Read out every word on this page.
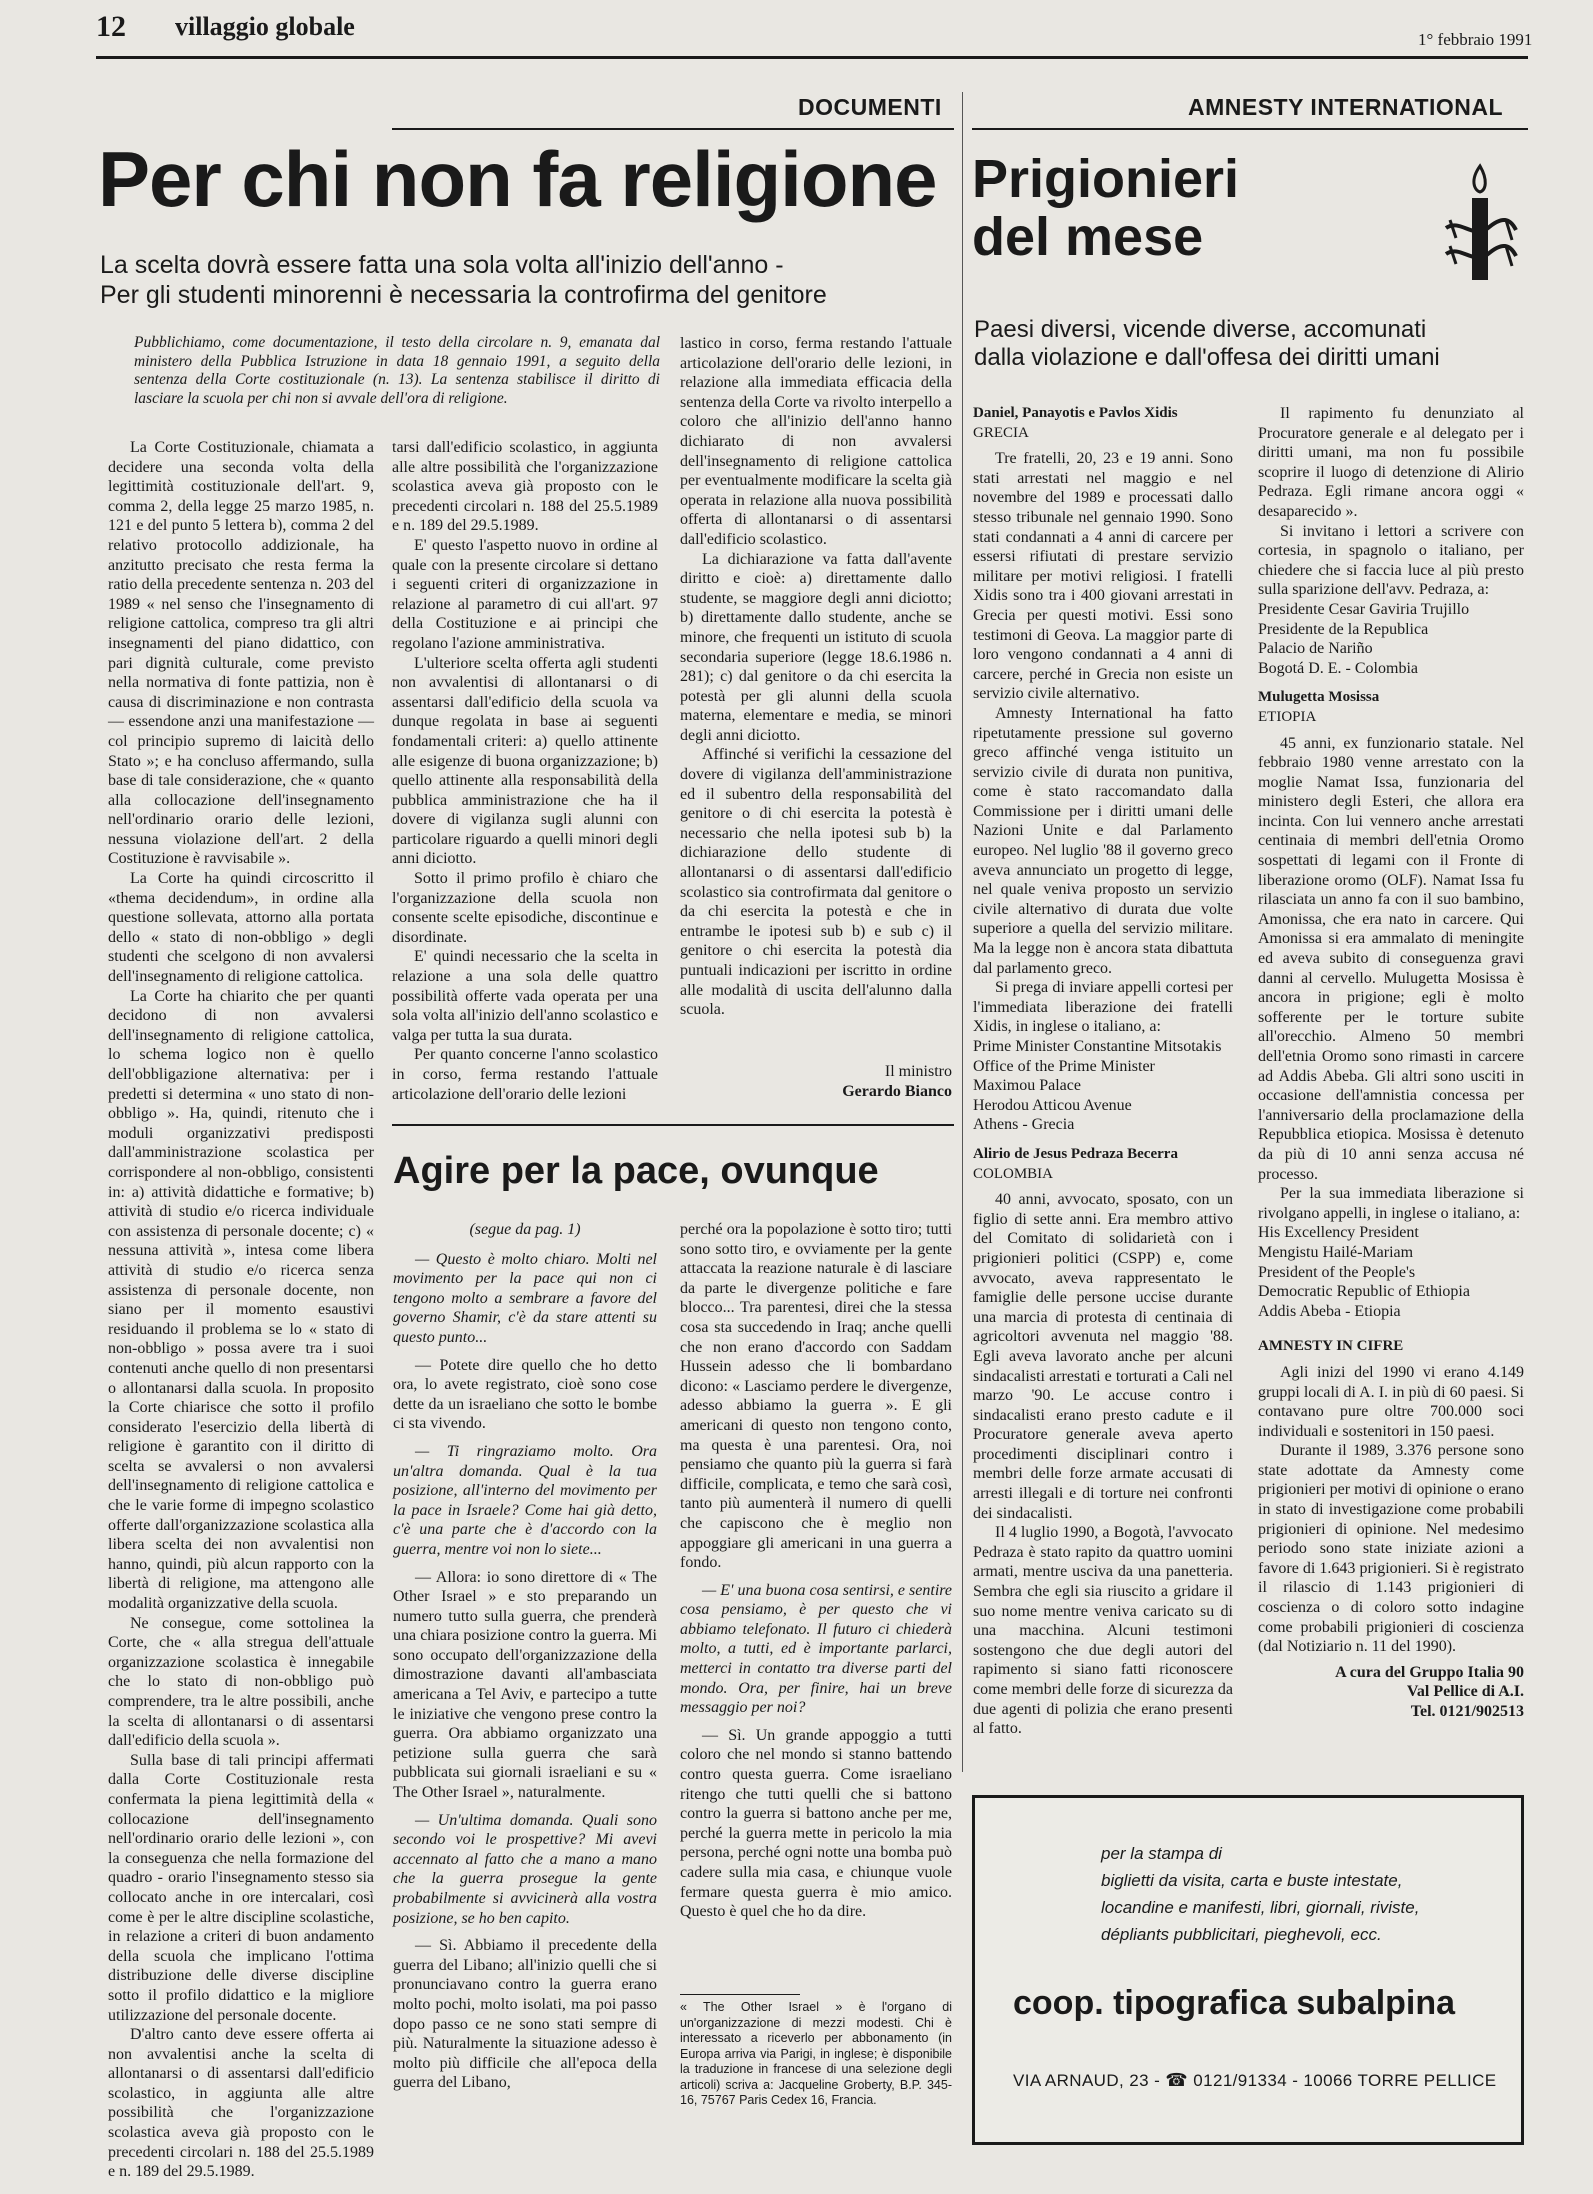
12 villaggio globale	1° febbraio 1991
DOCUMENTI	AMNESTY INTERNATIONAL
Per chi non fa religione
La scelta dovrà essere fatta una sola volta all'inizio dell'anno -
Per gli studenti minorenni è necessaria la controfirma del genitore
Pubblichiamo, come documentazione, il testo della circolare n. 9, emanata dal ministero della Pubblica Istruzione in data 18 gennaio 1991, a seguito della sentenza della Corte costituzionale (n. 13). La sentenza stabilisce il diritto di lasciare la scuola per chi non si avvale dell'ora di religione.

La Corte Costituzionale, chiamata a decidere una seconda volta della legittimità costituzionale dell'art. 9, comma 2, della legge 25 marzo 1985, n. 121 e del punto 5 lettera b), comma 2 del relativo protocollo addizionale, ha anzitutto precisato che resta ferma la ratio della precedente sentenza n. 203 del 1989 « nel senso che l'insegnamento di religione cattolica, compreso tra gli altri insegnamenti del piano didattico, con pari dignità culturale, come previsto nella normativa di fonte pattizia, non è causa di discriminazione e non contrasta — essendone anzi una manifestazione — col principio supremo di laicità dello Stato »; e ha concluso affermando, sulla base di tale considerazione, che « quanto alla collocazione dell'insegnamento nell'ordinario orario delle lezioni, nessuna violazione dell'art. 2 della Costituzione è ravvisabile ».

La Corte ha quindi circoscritto il «thema decidendum», in ordine alla questione sollevata, attorno alla portata dello « stato di non-obbligo » degli studenti che scelgono di non avvalersi dell'insegnamento di religione cattolica.

La Corte ha chiarito che per quanti decidono di non avvalersi dell'insegnamento di religione cattolica, lo schema logico non è quello dell'obbligazione alternativa: per i predetti si determina « uno stato di non-obbligo ». Ha, quindi, ritenuto che i moduli organizzativi predisposti dall'amministrazione scolastica per corrispondere al non-obbligo, consistenti in: a) attività didattiche e formative; b) attività di studio e/o ricerca individuale con assistenza di personale docente; c) « nessuna attività », intesa come libera attività di studio e/o ricerca senza assistenza di personale docente, non siano per il momento esaustivi residuando il problema se lo « stato di non-obbligo » possa avere tra i suoi contenuti anche quello di non presentarsi o allontanarsi dalla scuola. In proposito la Corte chiarisce che sotto il profilo considerato l'esercizio della libertà di religione è garantito con il diritto di scelta se avvalersi o non avvalersi dell'insegnamento di religione cattolica e che le varie forme di impegno scolastico offerte dall'organizzazione scolastica alla libera scelta dei non avvalentisi non hanno, quindi, più alcun rapporto con la libertà di religione, ma attengono alle modalità organizzative della scuola.

Ne consegue, come sottolinea la Corte, che « alla stregua dell'attuale organizzazione scolastica è innegabile che lo stato di non-obbligo può comprendere, tra le altre possibili, anche la scelta di allontanarsi o di assentarsi dall'edificio della scuola ».

Sulla base di tali principi affermati dalla Corte Costituzionale resta confermata la piena legittimità della « collocazione dell'insegnamento nell'ordinario orario delle lezioni », con la conseguenza che nella formazione del quadro - orario l'insegnamento stesso sia collocato anche in ore intercalari, così come è per le altre discipline scolastiche, in relazione a criteri di buon andamento della scuola che implicano l'ottima distribuzione delle diverse discipline sotto il profilo didattico e la migliore utilizzazione del personale docente.

D'altro canto deve essere offerta ai non avvalentisi anche la scelta di allontanarsi o di assentarsi dall'edificio scolastico, in aggiunta alle altre possibilità che l'organizzazione scolastica aveva già proposto con le precedenti circolari n. 188 del 25.5.1989 e n. 189 del 29.5.1989.

tarsi dall'edificio scolastico, in aggiunta alle altre possibilità che l'organizzazione scolastica aveva già proposto con le precedenti circolari n. 188 del 25.5.1989 e n. 189 del 29.5.1989.

E' questo l'aspetto nuovo in ordine al quale con la presente circolare si dettano i seguenti criteri di organizzazione in relazione al parametro di cui all'art. 97 della Costituzione e ai principi che regolano l'azione amministrativa.

L'ulteriore scelta offerta agli studenti non avvalentisi di allontanarsi o di assentarsi dall'edificio della scuola va dunque regolata in base ai seguenti fondamentali criteri: a) quello attinente alle esigenze di buona organizzazione; b) quello attinente alla responsabilità della pubblica amministrazione che ha il dovere di vigilanza sugli alunni con particolare riguardo a quelli minori degli anni diciotto.

Sotto il primo profilo è chiaro che l'organizzazione della scuola non consente scelte episodiche, discontinue e disordinate.

E' quindi necessario che la scelta in relazione a una sola delle quattro possibilità offerte vada operata per una sola volta all'inizio dell'anno scolastico e valga per tutta la sua durata.

Per quanto concerne l'anno scolastico in corso, ferma restando l'attuale articolazione dell'orario delle lezioni

lastico in corso, ferma restando l'attuale articolazione dell'orario delle lezioni, in relazione alla immediata efficacia della sentenza della Corte va rivolto interpello a coloro che all'inizio dell'anno hanno dichiarato di non avvalersi dell'insegnamento di religione cattolica per eventualmente modificare la scelta già operata in relazione alla nuova possibilità offerta di allontanarsi o di assentarsi dall'edificio scolastico.

La dichiarazione va fatta dall'avente diritto e cioè: a) direttamente dallo studente, se maggiore degli anni diciotto; b) direttamente dallo studente, anche se minore, che frequenti un istituto di scuola secondaria superiore (legge 18.6.1986 n. 281); c) dal genitore o da chi esercita la potestà per gli alunni della scuola materna, elementare e media, se minori degli anni diciotto.

Affinché si verifichi la cessazione del dovere di vigilanza dell'amministrazione ed il subentro della responsabilità del genitore o di chi esercita la potestà è necessario che nella ipotesi sub b) la dichiarazione dello studente di allontanarsi o di assentarsi dall'edificio scolastico sia controfirmata dal genitore o da chi esercita la potestà e che in entrambe le ipotesi sub b) e sub c) il genitore o chi esercita la potestà dia puntuali indicazioni per iscritto in ordine alle modalità di uscita dell'alunno dalla scuola.

Il ministro
Gerardo Bianco
Agire per la pace, ovunque

(segue da pag. 1)

— Questo è molto chiaro. Molti nel movimento per la pace qui non ci tengono molto a sembrare a favore del governo Shamir, c'è da stare attenti su questo punto...

— Potete dire quello che ho detto ora, lo avete registrato, cioè sono cose dette da un israeliano che sotto le bombe ci sta vivendo.

— Ti ringraziamo molto. Ora un'altra domanda. Qual è la tua posizione, all'interno del movimento per la pace in Israele? Come hai già detto, c'è una parte che è d'accordo con la guerra, mentre voi non lo siete...

— Allora: io sono direttore di « The Other Israel » e sto preparando un numero tutto sulla guerra, che prenderà una chiara posizione contro la guerra. Mi sono occupato dell'organizzazione della dimostrazione davanti all'ambasciata americana a Tel Aviv, e partecipo a tutte le iniziative che vengono prese contro la guerra. Ora abbiamo organizzato una petizione sulla guerra che sarà pubblicata sui giornali israeliani e su « The Other Israel », naturalmente.

— Un'ultima domanda. Quali sono secondo voi le prospettive? Mi avevi accennato al fatto che a mano a mano che la guerra prosegue la gente probabilmente si avvicinerà alla vostra posizione, se ho ben capito.

— Sì. Abbiamo il precedente della guerra del Libano; all'inizio quelli che si pronunciavano contro la guerra erano molto pochi, molto isolati, ma poi passo dopo passo ce ne sono stati sempre di più. Naturalmente la situazione adesso è molto più difficile che all'epoca della guerra del Libano,

perché ora la popolazione è sotto tiro; tutti sono sotto tiro, e ovviamente per la gente attaccata la reazione naturale è di lasciare da parte le divergenze politiche e fare blocco... Tra parentesi, direi che la stessa cosa sta succedendo in Iraq; anche quelli che non erano d'accordo con Saddam Hussein adesso che li bombardano dicono: « Lasciamo perdere le divergenze, adesso abbiamo la guerra ». E gli americani di questo non tengono conto, ma questa è una parentesi. Ora, noi pensiamo che quanto più la guerra si farà difficile, complicata, e temo che sarà così, tanto più aumenterà il numero di quelli che capiscono che è meglio non appoggiare gli americani in una guerra a fondo.

— E' una buona cosa sentirsi, e sentire cosa pensiamo, è per questo che vi abbiamo telefonato. Il futuro ci chiederà molto, a tutti, ed è importante parlarci, metterci in contatto tra diverse parti del mondo. Ora, per finire, hai un breve messaggio per noi?

— Sì. Un grande appoggio a tutti coloro che nel mondo si stanno battendo contro questa guerra. Come israeliano ritengo che tutti quelli che si battono contro la guerra si battono anche per me, perché la guerra mette in pericolo la mia persona, perché ogni notte una bomba può cadere sulla mia casa, e chiunque vuole fermare questa guerra è mio amico. Questo è quel che ho da dire.

« The Other Israel » è l'organo di un'organizzazione di mezzi modesti. Chi è interessato a riceverlo per abbonamento (in Europa arriva via Parigi, in inglese; è disponibile la traduzione in francese di una selezione degli articoli) scriva a: Jacqueline Groberty, B.P. 345-16, 75767 Paris Cedex 16, Francia.
Prigionieri
del mese
Paesi diversi, vicende diverse, accomunati
dalla violazione e dall'offesa dei diritti umani

Daniel, Panayotis e Pavlos Xidis

GRECIA

Tre fratelli, 20, 23 e 19 anni. Sono stati arrestati nel maggio e nel novembre del 1989 e processati dallo stesso tribunale nel gennaio 1990. Sono stati condannati a 4 anni di carcere per essersi rifiutati di prestare servizio militare per motivi religiosi. I fratelli Xidis sono tra i 400 giovani arrestati in Grecia per questi motivi. Essi sono testimoni di Geova. La maggior parte di loro vengono condannati a 4 anni di carcere, perché in Grecia non esiste un servizio civile alternativo.

Amnesty International ha fatto ripetutamente pressione sul governo greco affinché venga istituito un servizio civile di durata non punitiva, come è stato raccomandato dalla Commissione per i diritti umani delle Nazioni Unite e dal Parlamento europeo. Nel luglio '88 il governo greco aveva annunciato un progetto di legge, nel quale veniva proposto un servizio civile alternativo di durata due volte superiore a quella del servizio militare. Ma la legge non è ancora stata dibattuta dal parlamento greco.

Si prega di inviare appelli cortesi per l'immediata liberazione dei fratelli Xidis, in inglese o italiano, a:

Prime Minister Constantine Mitsotakis

Office of the Prime Minister

Maximou Palace

Herodou Atticou Avenue

Athens - Grecia

Alirio de Jesus Pedraza Becerra

COLOMBIA

40 anni, avvocato, sposato, con un figlio di sette anni. Era membro attivo del Comitato di solidarietà con i prigionieri politici (CSPP) e, come avvocato, aveva rappresentato le famiglie delle persone uccise durante una marcia di protesta di centinaia di agricoltori avvenuta nel maggio '88. Egli aveva lavorato anche per alcuni sindacalisti arrestati e torturati a Cali nel marzo '90. Le accuse contro i sindacalisti erano presto cadute e il Procuratore generale aveva aperto procedimenti disciplinari contro i membri delle forze armate accusati di arresti illegali e di torture nei confronti dei sindacalisti.

Il 4 luglio 1990, a Bogotà, l'avvocato Pedraza è stato rapito da quattro uomini armati, mentre usciva da una panetteria. Sembra che egli sia riuscito a gridare il suo nome mentre veniva caricato su di una macchina. Alcuni testimoni sostengono che due degli autori del rapimento si siano fatti riconoscere come membri delle forze di sicurezza da due agenti di polizia che erano presenti al fatto.

Il rapimento fu denunziato al Procuratore generale e al delegato per i diritti umani, ma non fu possibile scoprire il luogo di detenzione di Alirio Pedraza. Egli rimane ancora oggi « desaparecido ».

Si invitano i lettori a scrivere con cortesia, in spagnolo o italiano, per chiedere che si faccia luce al più presto sulla sparizione dell'avv. Pedraza, a:

Presidente Cesar Gaviria Trujillo

Presidente de la Republica

Palacio de Nariño

Bogotá D. E. - Colombia

Mulugetta Mosissa

ETIOPIA

45 anni, ex funzionario statale. Nel febbraio 1980 venne arrestato con la moglie Namat Issa, funzionaria del ministero degli Esteri, che allora era incinta. Con lui vennero anche arrestati centinaia di membri dell'etnia Oromo sospettati di legami con il Fronte di liberazione oromo (OLF). Namat Issa fu rilasciata un anno fa con il suo bambino, Amonissa, che era nato in carcere. Qui Amonissa si era ammalato di meningite ed aveva subito di conseguenza gravi danni al cervello. Mulugetta Mosissa è ancora in prigione; egli è molto sofferente per le torture subite all'orecchio. Almeno 50 membri dell'etnia Oromo sono rimasti in carcere ad Addis Abeba. Gli altri sono usciti in occasione dell'amnistia concessa per l'anniversario della proclamazione della Repubblica etiopica. Mosissa è detenuto da più di 10 anni senza accusa né processo.

Per la sua immediata liberazione si rivolgano appelli, in inglese o italiano, a:

His Excellency President

Mengistu Hailé-Mariam

President of the People's

Democratic Republic of Ethiopia

Addis Abeba - Etiopia

AMNESTY IN CIFRE

Agli inizi del 1990 vi erano 4.149 gruppi locali di A. I. in più di 60 paesi. Si contavano pure oltre 700.000 soci individuali e sostenitori in 150 paesi.

Durante il 1989, 3.376 persone sono state adottate da Amnesty come prigionieri per motivi di opinione o erano in stato di investigazione come probabili prigionieri di opinione. Nel medesimo periodo sono state iniziate azioni a favore di 1.643 prigionieri. Si è registrato il rilascio di 1.143 prigionieri di coscienza o di coloro sotto indagine come probabili prigionieri di coscienza (dal Notiziario n. 11 del 1990).

A cura del Gruppo Italia 90

Val Pellice di A.I.

Tel. 0121/902513

per la stampa di
biglietti da visita, carta e buste intestate,
locandine e manifesti, libri, giornali, riviste,
dépliants pubblicitari, pieghevoli, ecc.
coop. tipografica subalpina
VIA ARNAUD, 23 - ☎ 0121/91334 - 10066 TORRE PELLICE
